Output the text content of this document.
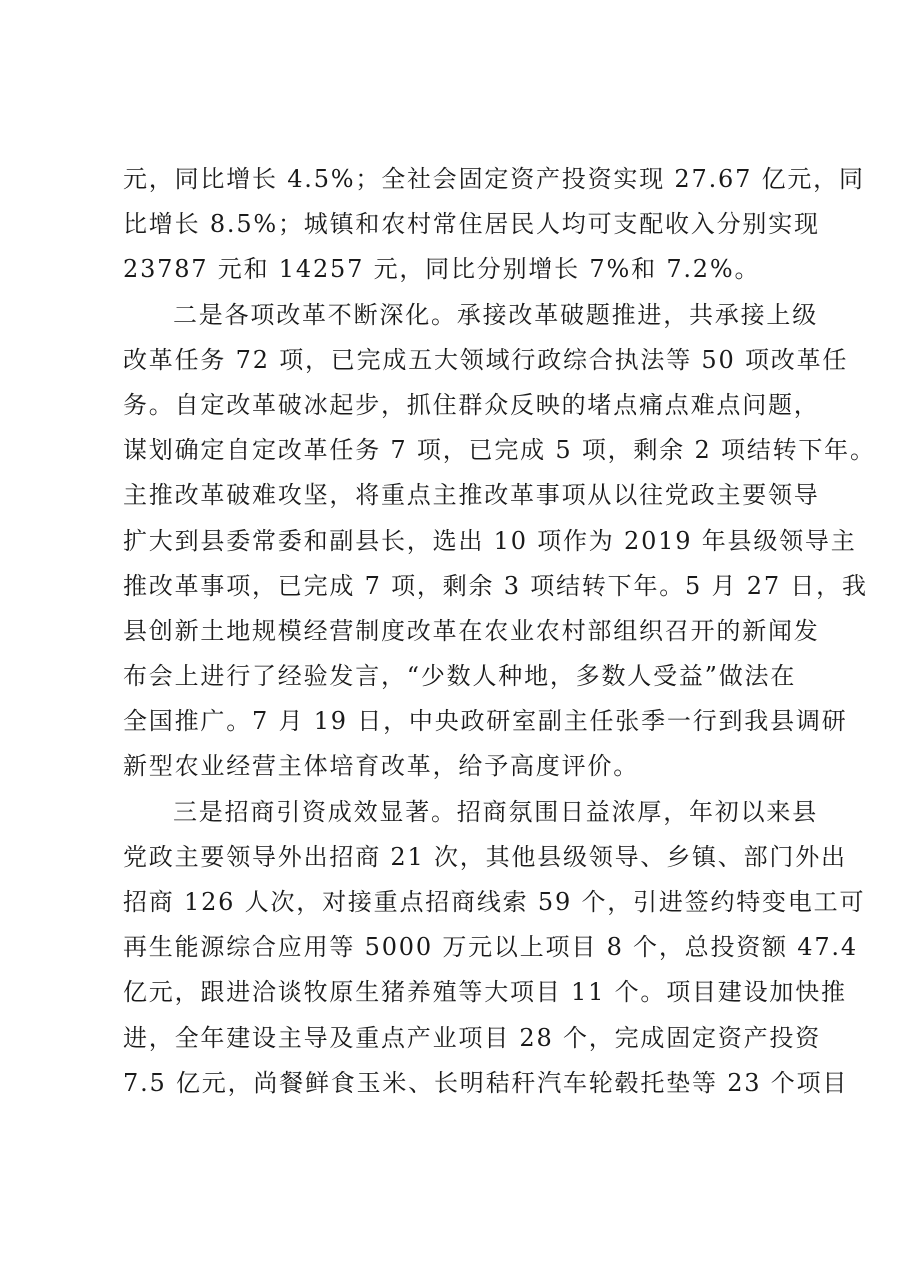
元，同比增长 4.5%；全社会固定资产投资实现 27.67 亿元，同
比增长 8.5%；城镇和农村常住居民人均可支配收入分别实现
23787 元和 14257 元，同比分别增长 7%和 7.2%。
二是各项改革不断深化。承接改革破题推进，共承接上级
改革任务 72 项，已完成五大领域行政综合执法等 50 项改革任
务。自定改革破冰起步，抓住群众反映的堵点痛点难点问题，
谋划确定自定改革任务 7 项，已完成 5 项，剩余 2 项结转下年。
主推改革破难攻坚，将重点主推改革事项从以往党政主要领导
扩大到县委常委和副县长，选出 10 项作为 2019 年县级领导主
推改革事项，已完成 7 项，剩余 3 项结转下年。5 月 27 日，我
县创新土地规模经营制度改革在农业农村部组织召开的新闻发
布会上进行了经验发言，“少数人种地，多数人受益”做法在
全国推广。7 月 19 日，中央政研室副主任张季一行到我县调研
新型农业经营主体培育改革，给予高度评价。
三是招商引资成效显著。招商氛围日益浓厚，年初以来县
党政主要领导外出招商 21 次，其他县级领导、乡镇、部门外出
招商 126 人次，对接重点招商线索 59 个，引进签约特变电工可
再生能源综合应用等 5000 万元以上项目 8 个，总投资额 47.4
亿元，跟进洽谈牧原生猪养殖等大项目 11 个。项目建设加快推
进，全年建设主导及重点产业项目 28 个，完成固定资产投资
7.5 亿元，尚餐鲜食玉米、长明秸秆汽车轮毂托垫等 23 个项目
